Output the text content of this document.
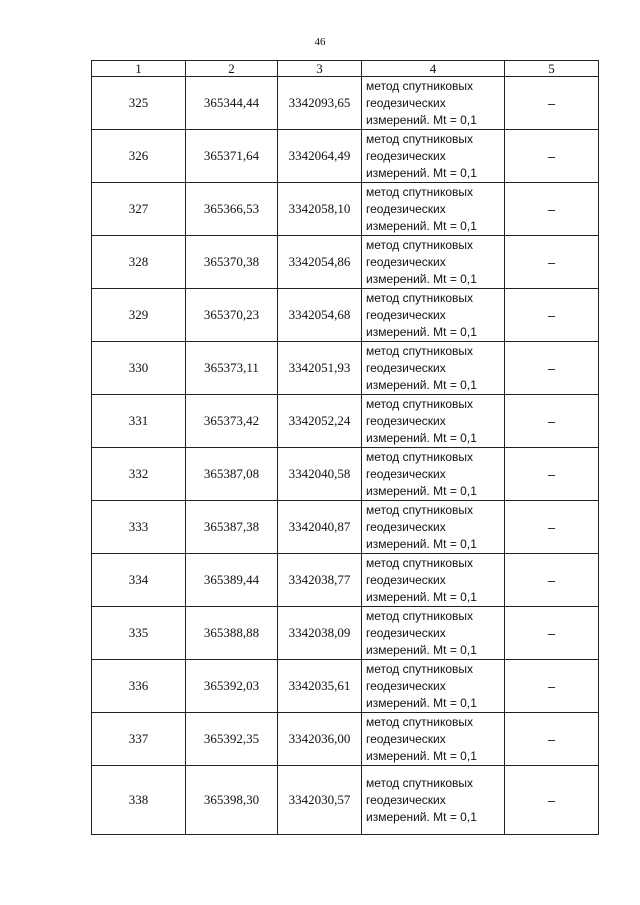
46
1	2	3	4	5
325	365344,44	3342093,65	метод спутниковых
геодезических
измерений. Mt = 0,1	–
326	365371,64	3342064,49	метод спутниковых
геодезических
измерений. Mt = 0,1	–
327	365366,53	3342058,10	метод спутниковых
геодезических
измерений. Mt = 0,1	–
328	365370,38	3342054,86	метод спутниковых
геодезических
измерений. Mt = 0,1	–
329	365370,23	3342054,68	метод спутниковых
геодезических
измерений. Mt = 0,1	–
330	365373,11	3342051,93	метод спутниковых
геодезических
измерений. Mt = 0,1	–
331	365373,42	3342052,24	метод спутниковых
геодезических
измерений. Mt = 0,1	–
332	365387,08	3342040,58	метод спутниковых
геодезических
измерений. Mt = 0,1	–
333	365387,38	3342040,87	метод спутниковых
геодезических
измерений. Mt = 0,1	–
334	365389,44	3342038,77	метод спутниковых
геодезических
измерений. Mt = 0,1	–
335	365388,88	3342038,09	метод спутниковых
геодезических
измерений. Mt = 0,1	–
336	365392,03	3342035,61	метод спутниковых
геодезических
измерений. Mt = 0,1	–
337	365392,35	3342036,00	метод спутниковых
геодезических
измерений. Mt = 0,1	–
338	365398,30	3342030,57	метод спутниковых
геодезических
измерений. Mt = 0,1	–
